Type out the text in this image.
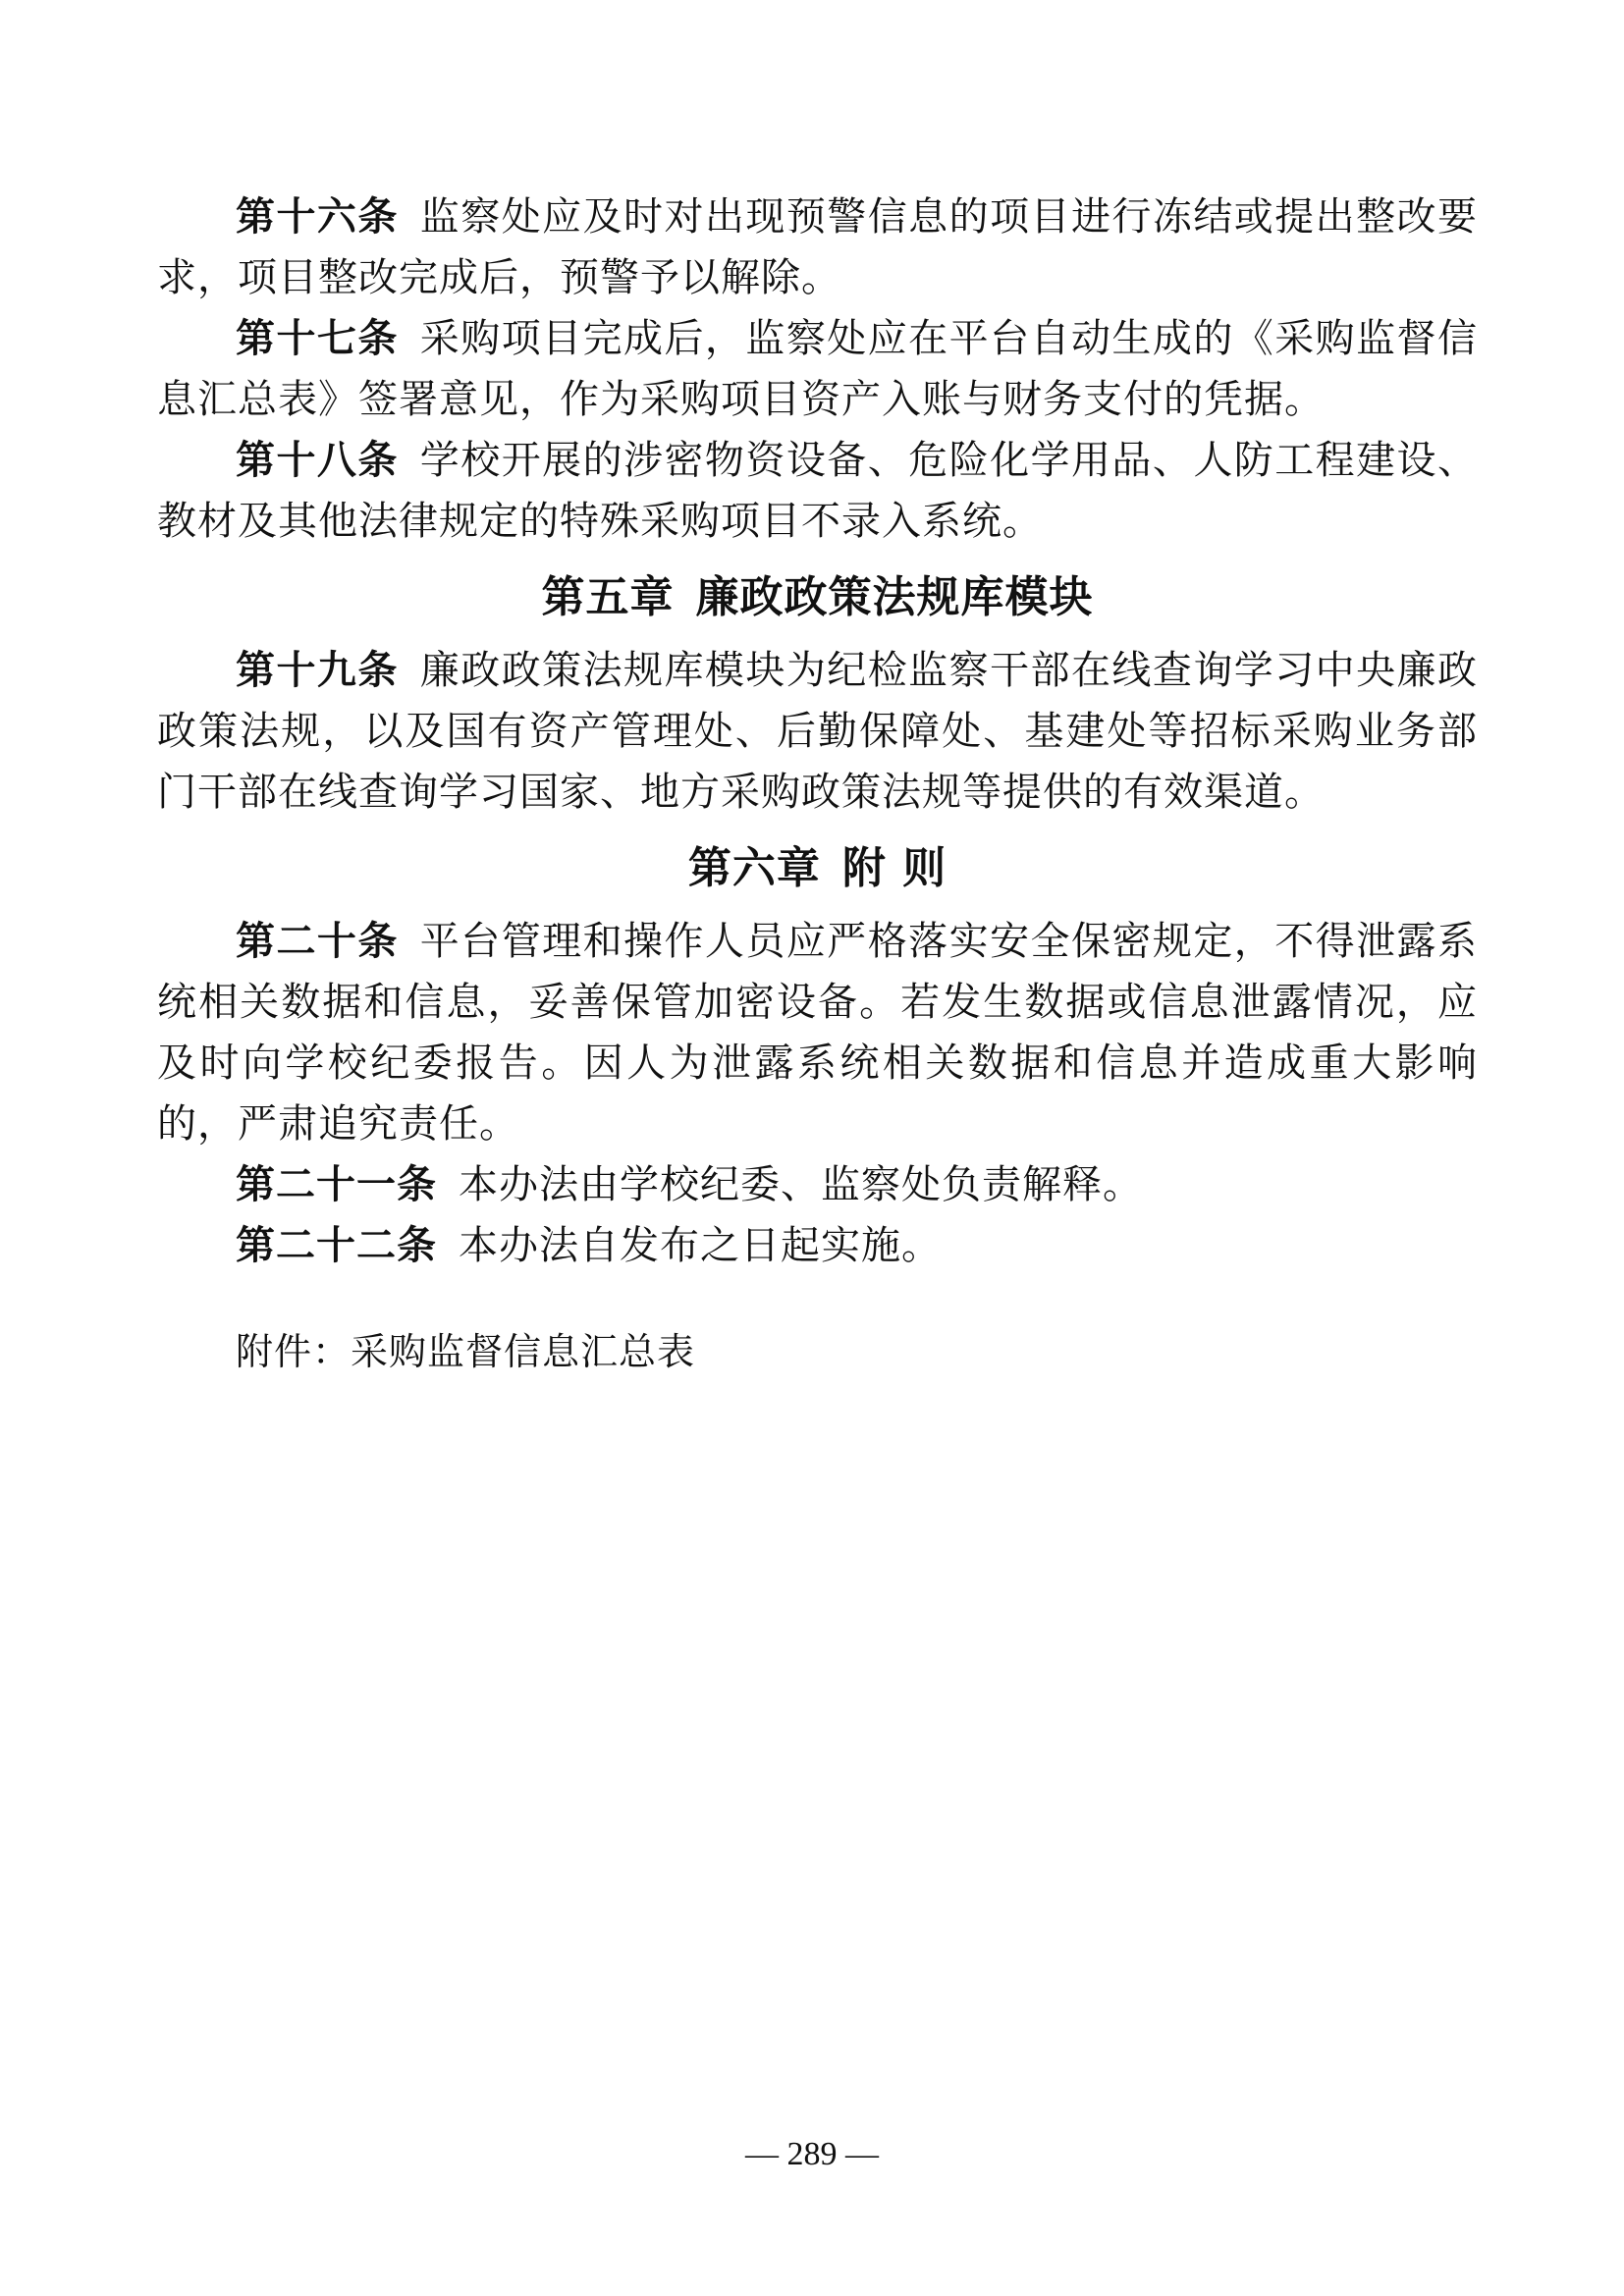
第十六条 监察处应及时对出现预警信息的项目进行冻结或提出整改要求，项目整改完成后，预警予以解除。

第十七条 采购项目完成后，监察处应在平台自动生成的《采购监督信息汇总表》签署意见，作为采购项目资产入账与财务支付的凭据。

第十八条 学校开展的涉密物资设备、危险化学用品、人防工程建设、教材及其他法律规定的特殊采购项目不录入系统。

第五章 廉政政策法规库模块

第十九条 廉政政策法规库模块为纪检监察干部在线查询学习中央廉政政策法规，以及国有资产管理处、后勤保障处、基建处等招标采购业务部门干部在线查询学习国家、地方采购政策法规等提供的有效渠道。

第六章 附 则

第二十条 平台管理和操作人员应严格落实安全保密规定，不得泄露系统相关数据和信息，妥善保管加密设备。若发生数据或信息泄露情况，应及时向学校纪委报告。因人为泄露系统相关数据和信息并造成重大影响的，严肃追究责任。

第二十一条 本办法由学校纪委、监察处负责解释。

第二十二条 本办法自发布之日起实施。

附件：采购监督信息汇总表

— 289 —
